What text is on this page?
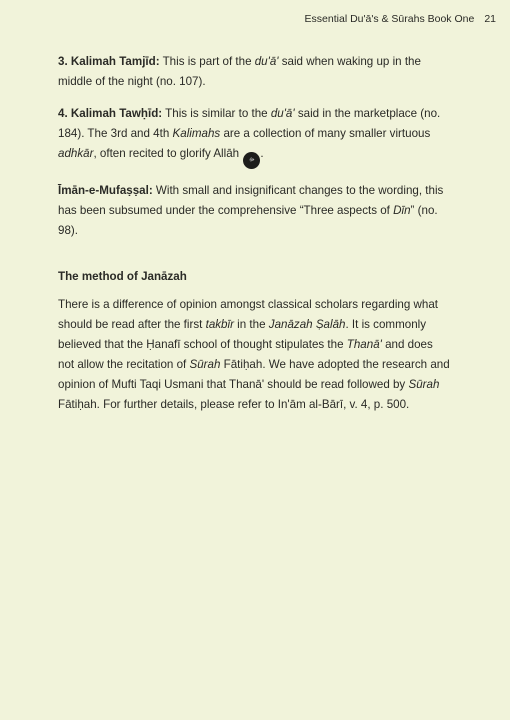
Essential Du'ā's & Sūrahs Book One 21

3. Kalimah Tamjīd: This is part of the du'ā' said when waking up in the middle of the night (no. 107).

4. Kalimah Tawḥīd: This is similar to the du'ā' said in the marketplace (no. 184). The 3rd and 4th Kalimahs are a collection of many smaller virtuous adhkār, often recited to glorify Allāh ﷻ .

Īmān-e-Mufaṣṣal: With small and insignificant changes to the wording, this has been subsumed under the comprehensive “Three aspects of Dīn” (no. 98).

The method of Janāzah

There is a difference of opinion amongst classical scholars regarding what should be read after the first takbīr in the Janāzah Ṣalāh. It is commonly believed that the Ḥanafī school of thought stipulates the Thanā' and does not allow the recitation of Sūrah Fātiḥah. We have adopted the research and opinion of Mufti Taqi Usmani that Thanā' should be read followed by Sūrah Fātiḥah. For further details, please refer to In'ām al-Bārī, v. 4, p. 500.
